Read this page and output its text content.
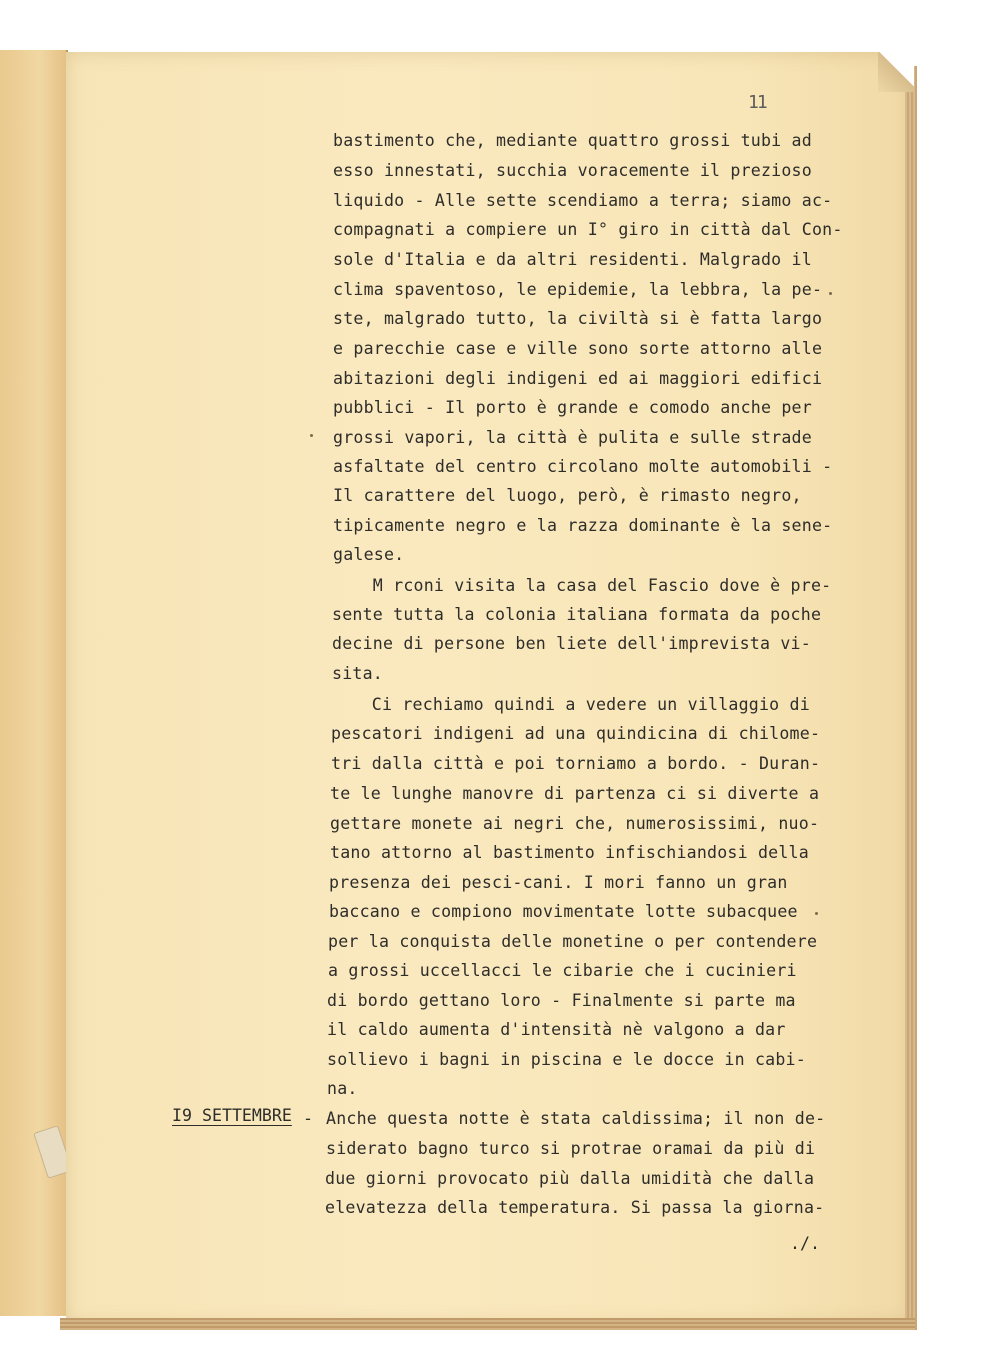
11
bastimento che, mediante quattro grossi tubi ad
esso innestati, succhia voracemente il prezioso
liquido - Alle sette scendiamo a terra; siamo ac-
compagnati a compiere un I° giro in città dal Con-
sole d'Italia e da altri residenti. Malgrado il
clima spaventoso, le epidemie, la lebbra, la pe-
ste, malgrado tutto, la civiltà si è fatta largo
e parecchie case e ville sono sorte attorno alle
abitazioni degli indigeni ed ai maggiori edifici
pubblici - Il porto è grande e comodo anche per
grossi vapori, la città è pulita e sulle strade
asfaltate del centro circolano molte automobili -
Il carattere del luogo, però, è rimasto negro,
tipicamente negro e la razza dominante è la sene-
galese.
M rconi visita la casa del Fascio dove è pre-
sente tutta la colonia italiana formata da poche
decine di persone ben liete dell'imprevista vi-
sita.
Ci rechiamo quindi a vedere un villaggio di
pescatori indigeni ad una quindicina di chilome-
tri dalla città e poi torniamo a bordo. - Duran-
te le lunghe manovre di partenza ci si diverte a
gettare monete ai negri che, numerosissimi, nuo-
tano attorno al bastimento infischiandosi della
presenza dei pesci-cani. I mori fanno un gran
baccano e compiono movimentate lotte subacquee
per la conquista delle monetine o per contendere
a grossi uccellacci le cibarie che i cucinieri
di bordo gettano loro - Finalmente si parte ma
il caldo aumenta d'intensità nè valgono a dar
sollievo i bagni in piscina e le docce in cabi-
na.
Anche questa notte è stata caldissima; il non de-
siderato bagno turco si protrae oramai da più di
due giorni provocato più dalla umidità che dalla
elevatezza della temperatura. Si passa la giorna-
I9 SETTEMBRE -
./.
